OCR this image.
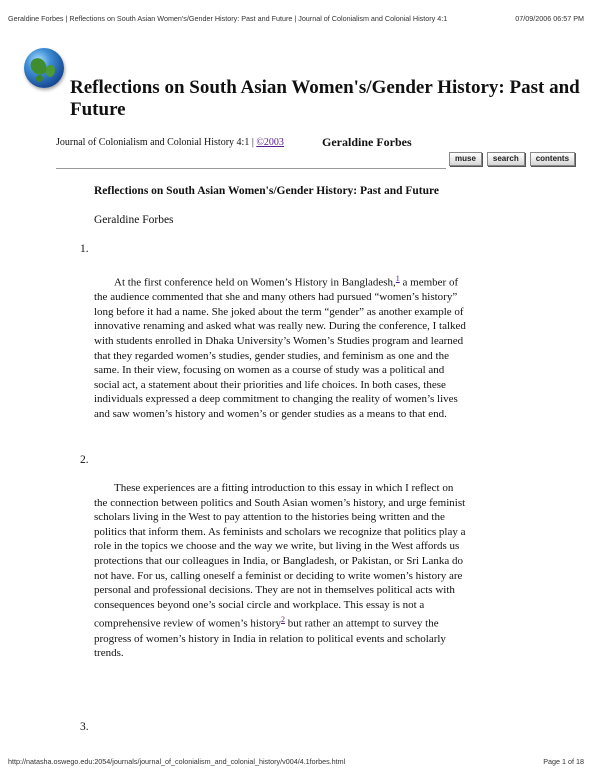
Geraldine Forbes | Reflections on South Asian Women's/Gender History: Past and Future | Journal of Colonialism and Colonial History 4:1	07/09/2006 06:57 PM
Reflections on South Asian Women's/Gender History: Past and Future
Journal of Colonialism and Colonial History 4:1 | ©2003	Geraldine Forbes
muse	search	contents
Reflections on South Asian Women's/Gender History: Past and Future
Geraldine Forbes
1.

At the first conference held on Women’s History in Bangladesh,$^1$ a member of the audience commented that she and many others had pursued “women’s history” long before it had a name. She joked about the term “gender” as another example of innovative renaming and asked what was really new. During the conference, I talked with students enrolled in Dhaka University’s Women’s Studies program and learned that they regarded women’s studies, gender studies, and feminism as one and the same. In their view, focusing on women as a course of study was a political and social act, a statement about their priorities and life choices. In both cases, these individuals expressed a deep commitment to changing the reality of women’s lives and saw women’s history and women’s or gender studies as a means to that end.

2.

These experiences are a fitting introduction to this essay in which I reflect on the connection between politics and South Asian women’s history, and urge feminist scholars living in the West to pay attention to the histories being written and the politics that inform them. As feminists and scholars we recognize that politics play a role in the topics we choose and the way we write, but living in the West affords us protections that our colleagues in India, or Bangladesh, or Pakistan, or Sri Lanka do not have. For us, calling oneself a feminist or deciding to write women’s history are personal and professional decisions. They are not in themselves political acts with consequences beyond one’s social circle and workplace. This essay is not a comprehensive review of women’s history$^2$ but rather an attempt to survey the progress of women’s history in India in relation to political events and scholarly trends.

3.
http://natasha.oswego.edu:2054/journals/journal_of_colonialism_and_colonial_history/v004/4.1forbes.html	Page 1 of 18
